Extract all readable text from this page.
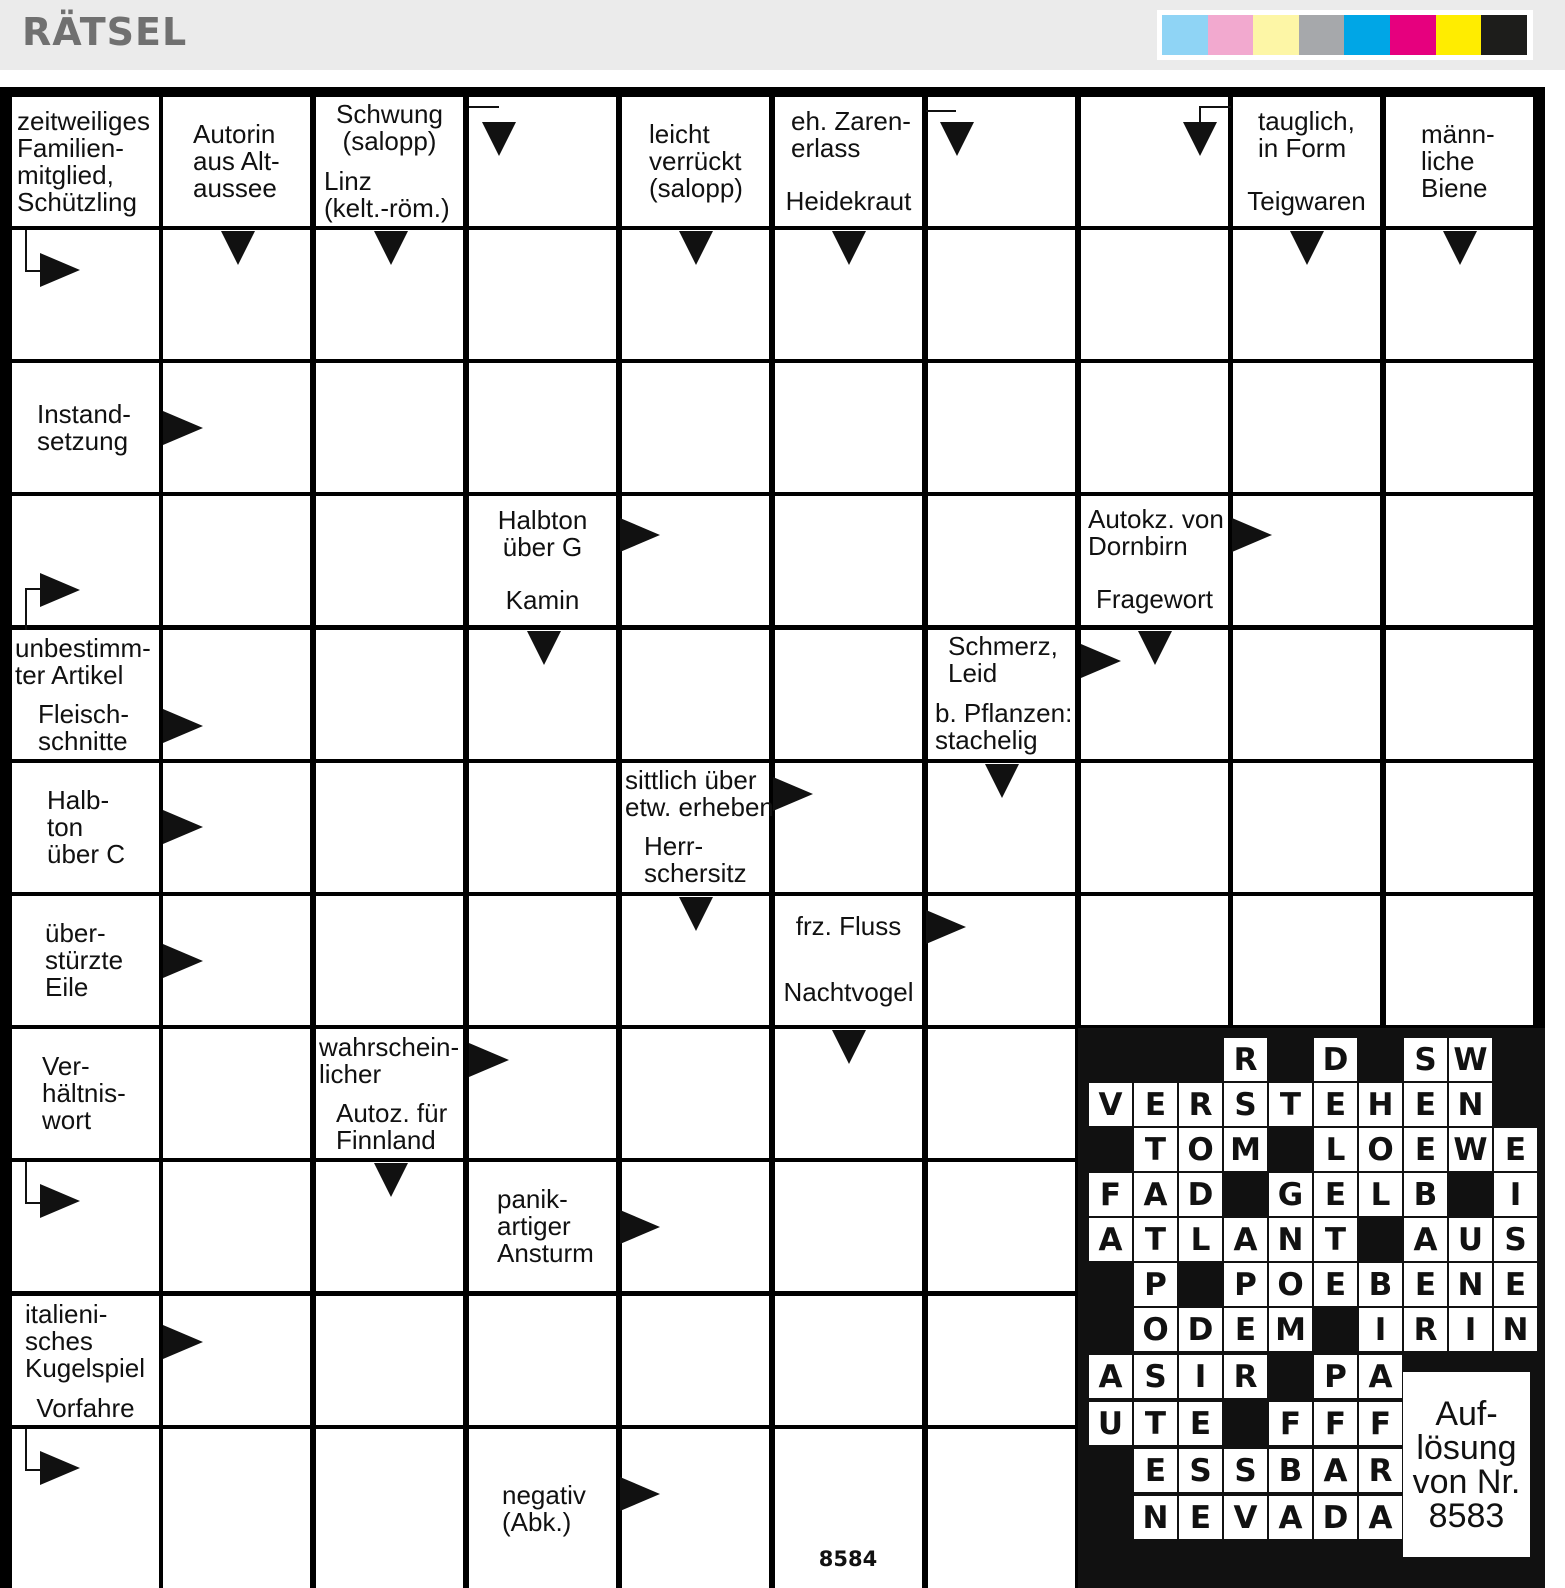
RÄTSEL
Auf-
lösung
von Nr.
8583
8584
zeitweiliges
Familien-
mitglied,
Schützling
Autorin
aus Alt-
aussee
Schwung
(salopp)
Linz
(kelt.-röm.)
leicht
verrückt
(salopp)
eh. Zaren-
erlass
Heidekraut
tauglich,
in Form
Teigwaren
männ-
liche
Biene
Instand-
setzung
Halbton
über G
Kamin
Autokz. von
Dornbirn
Fragewort
unbestimm-
ter Artikel
Fleisch-
schnitte
Schmerz,
Leid
b. Pflanzen:
stachelig
Halb-
ton
über C
sittlich über
etw. erheben
Herr-
schersitz
über-
stürzte
Eile
frz. Fluss
Nachtvogel
Ver-
hältnis-
wort
wahrschein-
licher
Autoz. für
Finnland
panik-
artiger
Ansturm
italieni-
sches
Kugelspiel
Vorfahre
negativ
(Abk.)
R	D	S W
V E R S T E H E N
T O M	L O E W E
F A D G E L B	I
A T L A N T	A U S
P	P O E B E N E
O D E M	I R I N
A S I R	P A
U T E	F F F
E S S B A R
N E V A D A
